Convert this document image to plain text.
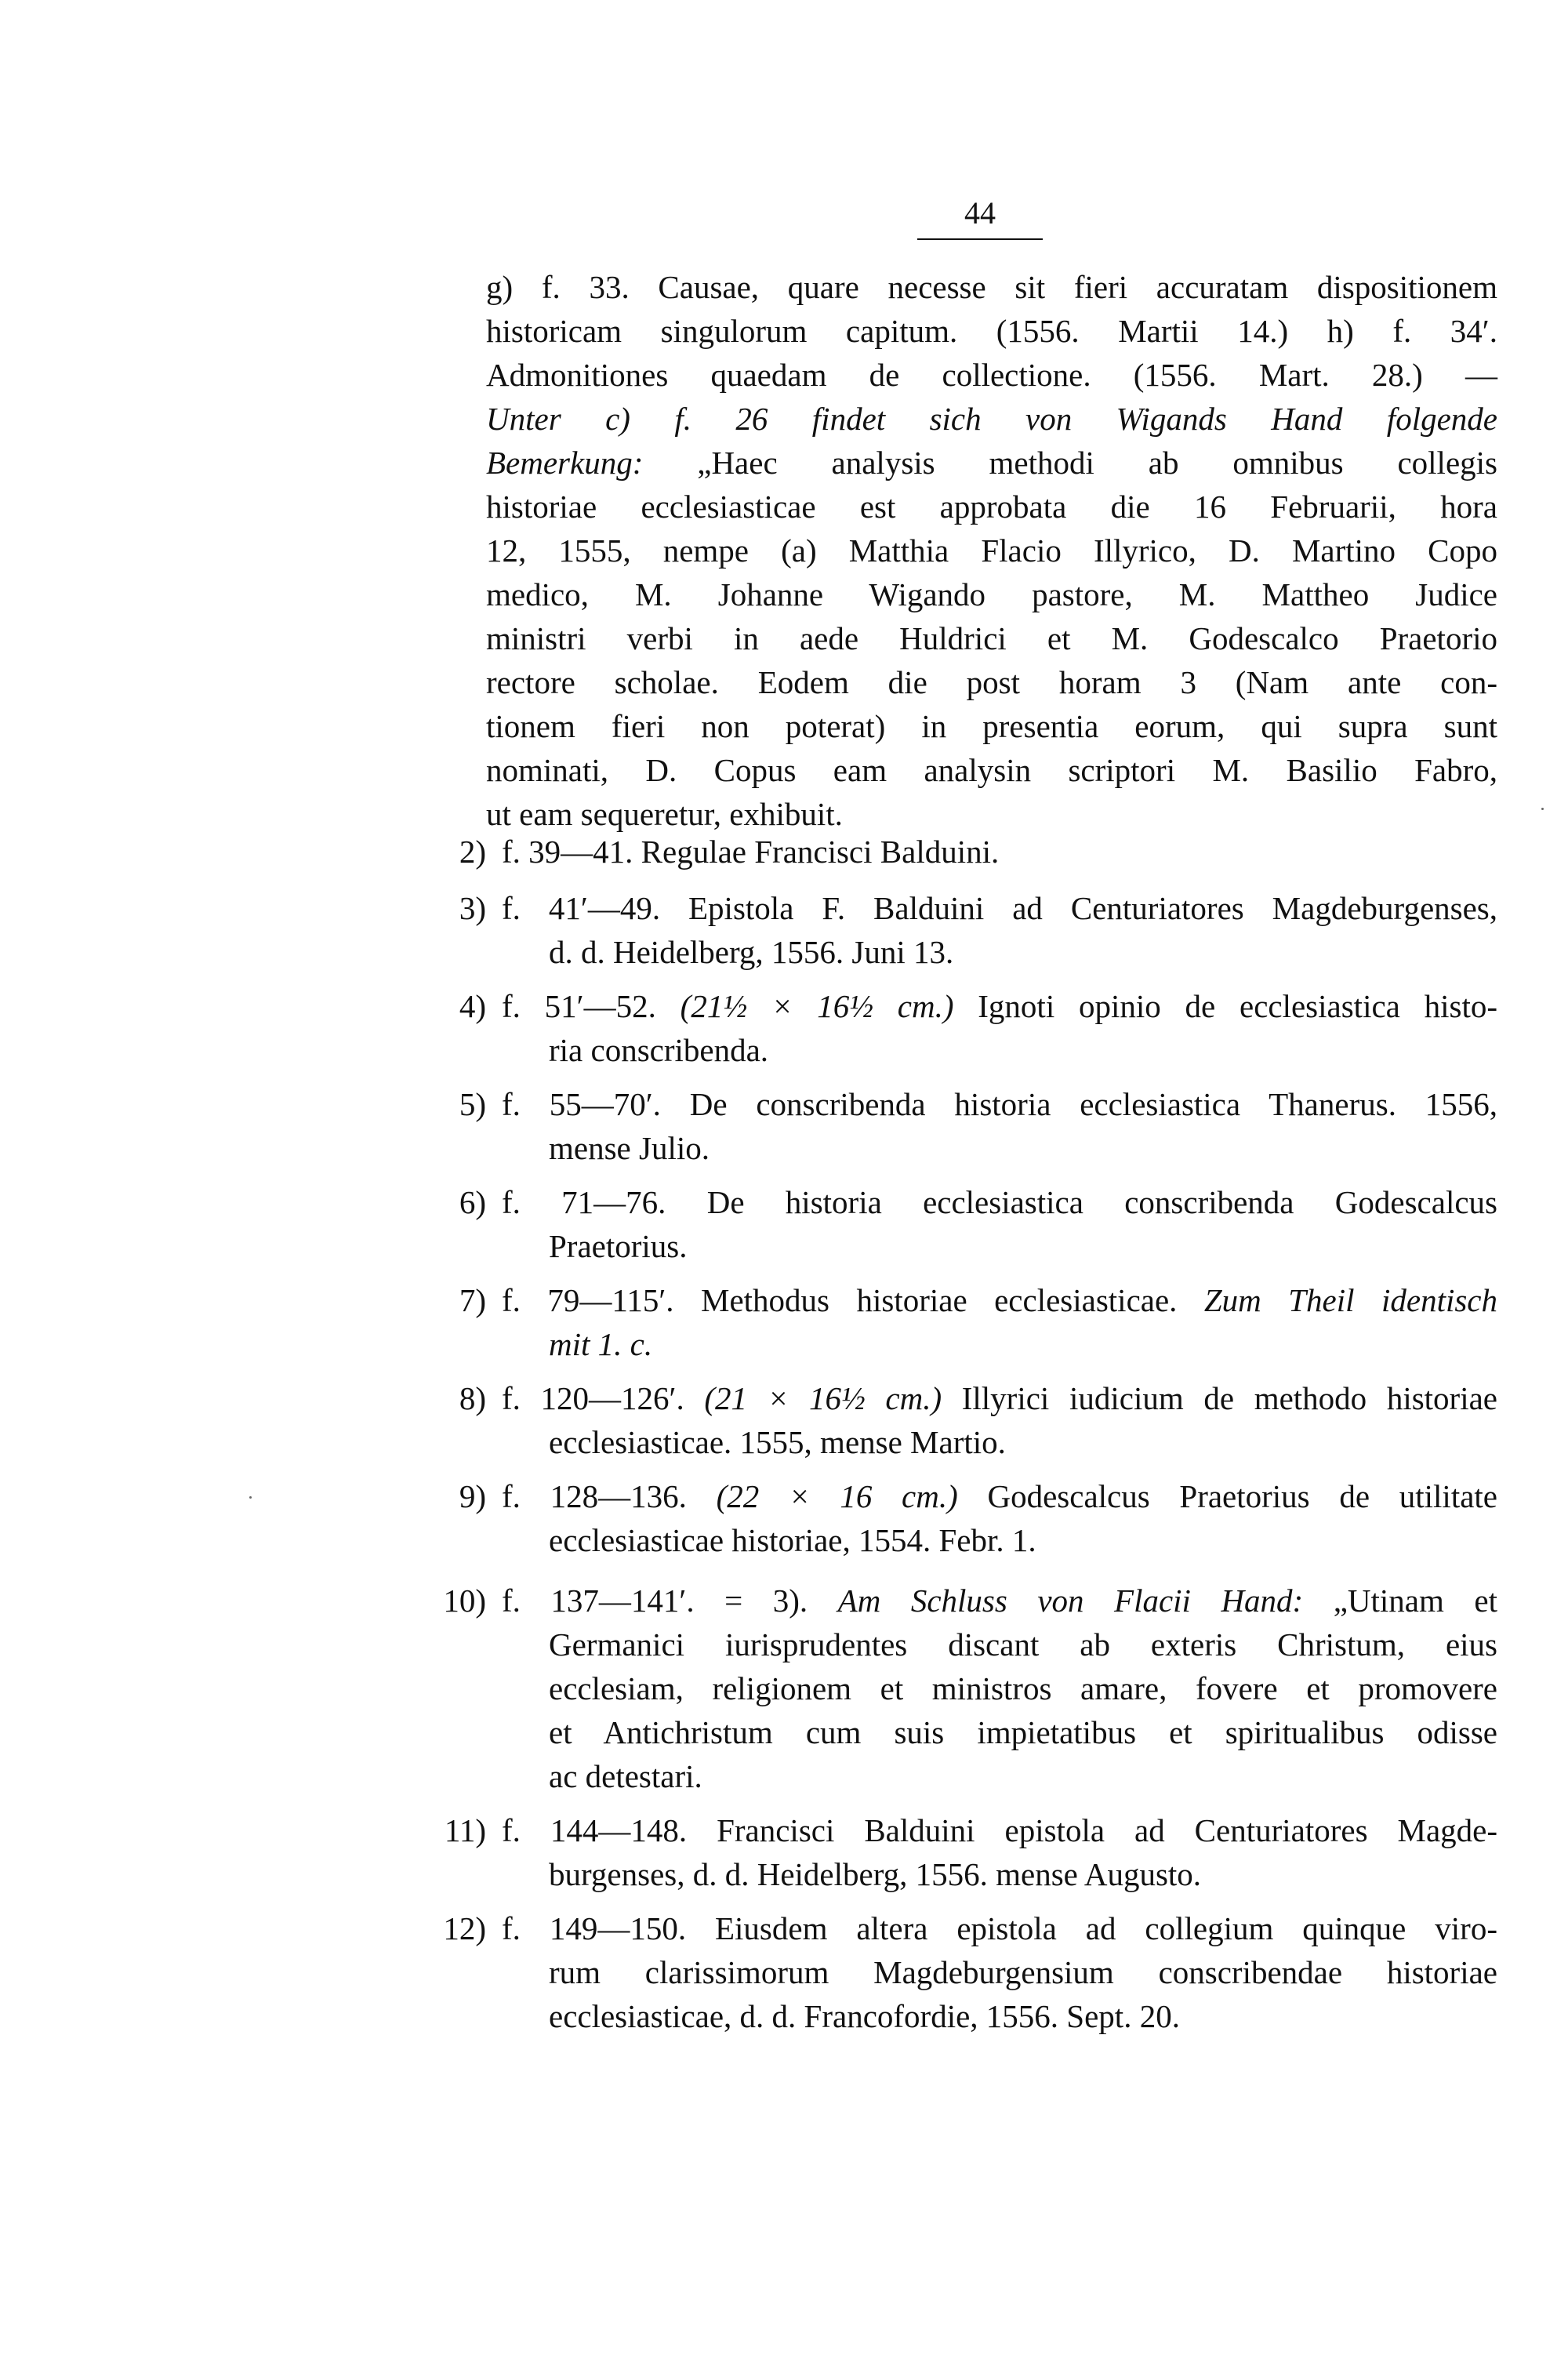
44
g) f. 33. Causae, quare necesse sit fieri accuratam dispositionem
historicam singulorum capitum. (1556. Martii 14.) h) f. 34′.
Admonitiones quaedam de collectione. (1556. Mart. 28.) —
Unter c) f. 26 findet sich von Wigands Hand folgende
Bemerkung: „Haec analysis methodi ab omnibus collegis
historiae ecclesiasticae est approbata die 16 Februarii, hora
12, 1555, nempe (a) Matthia Flacio Illyrico, D. Martino Copo
medico, M. Johanne Wigando pastore, M. Mattheo Judice
ministri verbi in aede Huldrici et M. Godescalco Praetorio
rectore scholae. Eodem die post horam 3 (Nam ante con-
tionem fieri non poterat) in presentia eorum, qui supra sunt
nominati, D. Copus eam analysin scriptori M. Basilio Fabro,
ut eam sequeretur, exhibuit.
2) f. 39—41. Regulae Francisci Balduini.
3) f. 41′—49. Epistola F. Balduini ad Centuriatores Magdeburgenses,
d. d. Heidelberg, 1556. Juni 13.
4) f. 51′—52. (21½ × 16½ cm.) Ignoti opinio de ecclesiastica histo-
ria conscribenda.
5) f. 55—70′. De conscribenda historia ecclesiastica Thanerus. 1556,
mense Julio.
6) f. 71—76. De historia ecclesiastica conscribenda Godescalcus
Praetorius.
7) f. 79—115′. Methodus historiae ecclesiasticae. Zum Theil identisch
mit 1. c.
8) f. 120—126′. (21 × 16½ cm.) Illyrici iudicium de methodo historiae
ecclesiasticae. 1555, mense Martio.
9) f. 128—136. (22 × 16 cm.) Godescalcus Praetorius de utilitate
ecclesiasticae historiae, 1554. Febr. 1.
10) f. 137—141′. = 3). Am Schluss von Flacii Hand: „Utinam et
Germanici iurisprudentes discant ab exteris Christum, eius
ecclesiam, religionem et ministros amare, fovere et promovere
et Antichristum cum suis impietatibus et spiritualibus odisse
ac detestari.
11) f. 144—148. Francisci Balduini epistola ad Centuriatores Magde-
burgenses, d. d. Heidelberg, 1556. mense Augusto.
12) f. 149—150. Eiusdem altera epistola ad collegium quinque viro-
rum clarissimorum Magdeburgensium conscribendae historiae
ecclesiasticae, d. d. Francofordie, 1556. Sept. 20.
